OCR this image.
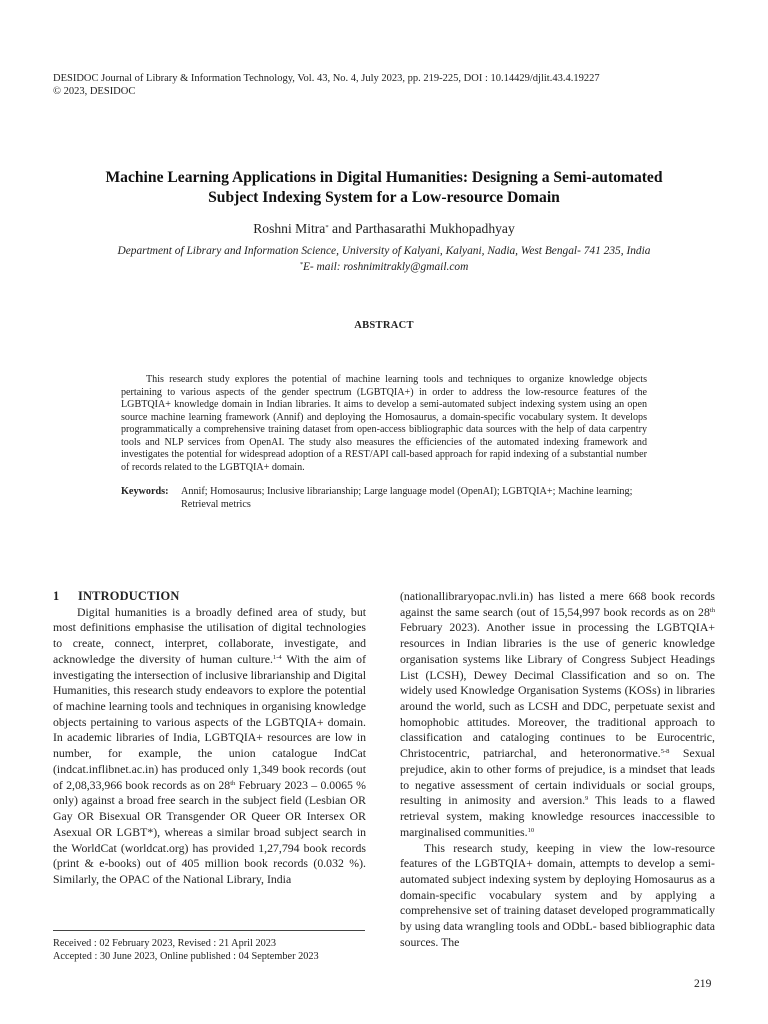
DESIDOC Journal of Library & Information Technology, Vol. 43, No. 4, July 2023, pp. 219-225, DOI : 10.14429/djlit.43.4.19227
© 2023, DESIDOC
Machine Learning Applications in Digital Humanities: Designing a Semi-automated
Subject Indexing System for a Low-resource Domain
Roshni Mitra* and Parthasarathi Mukhopadhyay
Department of Library and Information Science, University of Kalyani, Kalyani, Nadia, West Bengal- 741 235, India
*E- mail: roshnimitrakly@gmail.com
ABSTRACT

This research study explores the potential of machine learning tools and techniques to organize knowledge objects pertaining to various aspects of the gender spectrum (LGBTQIA+) in order to address the low-resource features of the LGBTQIA+ knowledge domain in Indian libraries. It aims to develop a semi-automated subject indexing system using an open source machine learning framework (Annif) and deploying the Homosaurus, a domain-specific vocabulary system. It develops programmatically a comprehensive training dataset from open-access bibliographic data sources with the help of data carpentry tools and NLP services from OpenAI. The study also measures the efficiencies of the automated indexing framework and investigates the potential for widespread adoption of a REST/API call-based approach for rapid indexing of a substantial number of records related to the LGBTQIA+ domain.

Keywords: Annif; Homosaurus; Inclusive librarianship; Large language model (OpenAI); LGBTQIA+; Machine learning; Retrieval metrics
1 INTRODUCTION

Digital humanities is a broadly defined area of study, but most definitions emphasise the utilisation of digital technologies to create, connect, interpret, collaborate, investigate, and acknowledge the diversity of human culture.$^{1-4}$ With the aim of investigating the intersection of inclusive librarianship and Digital Humanities, this research study endeavors to explore the potential of machine learning tools and techniques in organising knowledge objects pertaining to various aspects of the LGBTQIA+ domain. In academic libraries of India, LGBTQIA+ resources are low in number, for example, the union catalogue IndCat (indcat.inflibnet.ac.in) has produced only 1,349 book records (out of 2,08,33,966 book records as on 28th February 2023 – 0.0065 % only) against a broad free search in the subject field (Lesbian OR Gay OR Bisexual OR Transgender OR Queer OR Intersex OR Asexual OR LGBT*), whereas a similar broad subject search in the WorldCat (worldcat.org) has provided 1,27,794 book records (print & e-books) out of 405 million book records (0.032 %). Similarly, the OPAC of the National Library, India

(nationallibraryopac.nvli.in) has listed a mere 668 book records against the same search (out of 15,54,997 book records as on 28th February 2023). Another issue in processing the LGBTQIA+ resources in Indian libraries is the use of generic knowledge organisation systems like Library of Congress Subject Headings List (LCSH), Dewey Decimal Classification and so on. The widely used Knowledge Organisation Systems (KOSs) in libraries around the world, such as LCSH and DDC, perpetuate sexist and homophobic attitudes. Moreover, the traditional approach to classification and cataloging continues to be Eurocentric, Christocentric, patriarchal, and heteronormative.$^{5-8}$ Sexual prejudice, akin to other forms of prejudice, is a mindset that leads to negative assessment of certain individuals or social groups, resulting in animosity and aversion.$^9$ This leads to a flawed retrieval system, making knowledge resources inaccessible to marginalised communities.$^{10}$

This research study, keeping in view the low-resource features of the LGBTQIA+ domain, attempts to develop a semi-automated subject indexing system by deploying Homosaurus as a domain-specific vocabulary system and by applying a comprehensive set of training dataset developed programmatically by using data wrangling tools and ODbL- based bibliographic data sources. The

Received : 02 February 2023, Revised : 21 April 2023
Accepted : 30 June 2023, Online published : 04 September 2023
219
